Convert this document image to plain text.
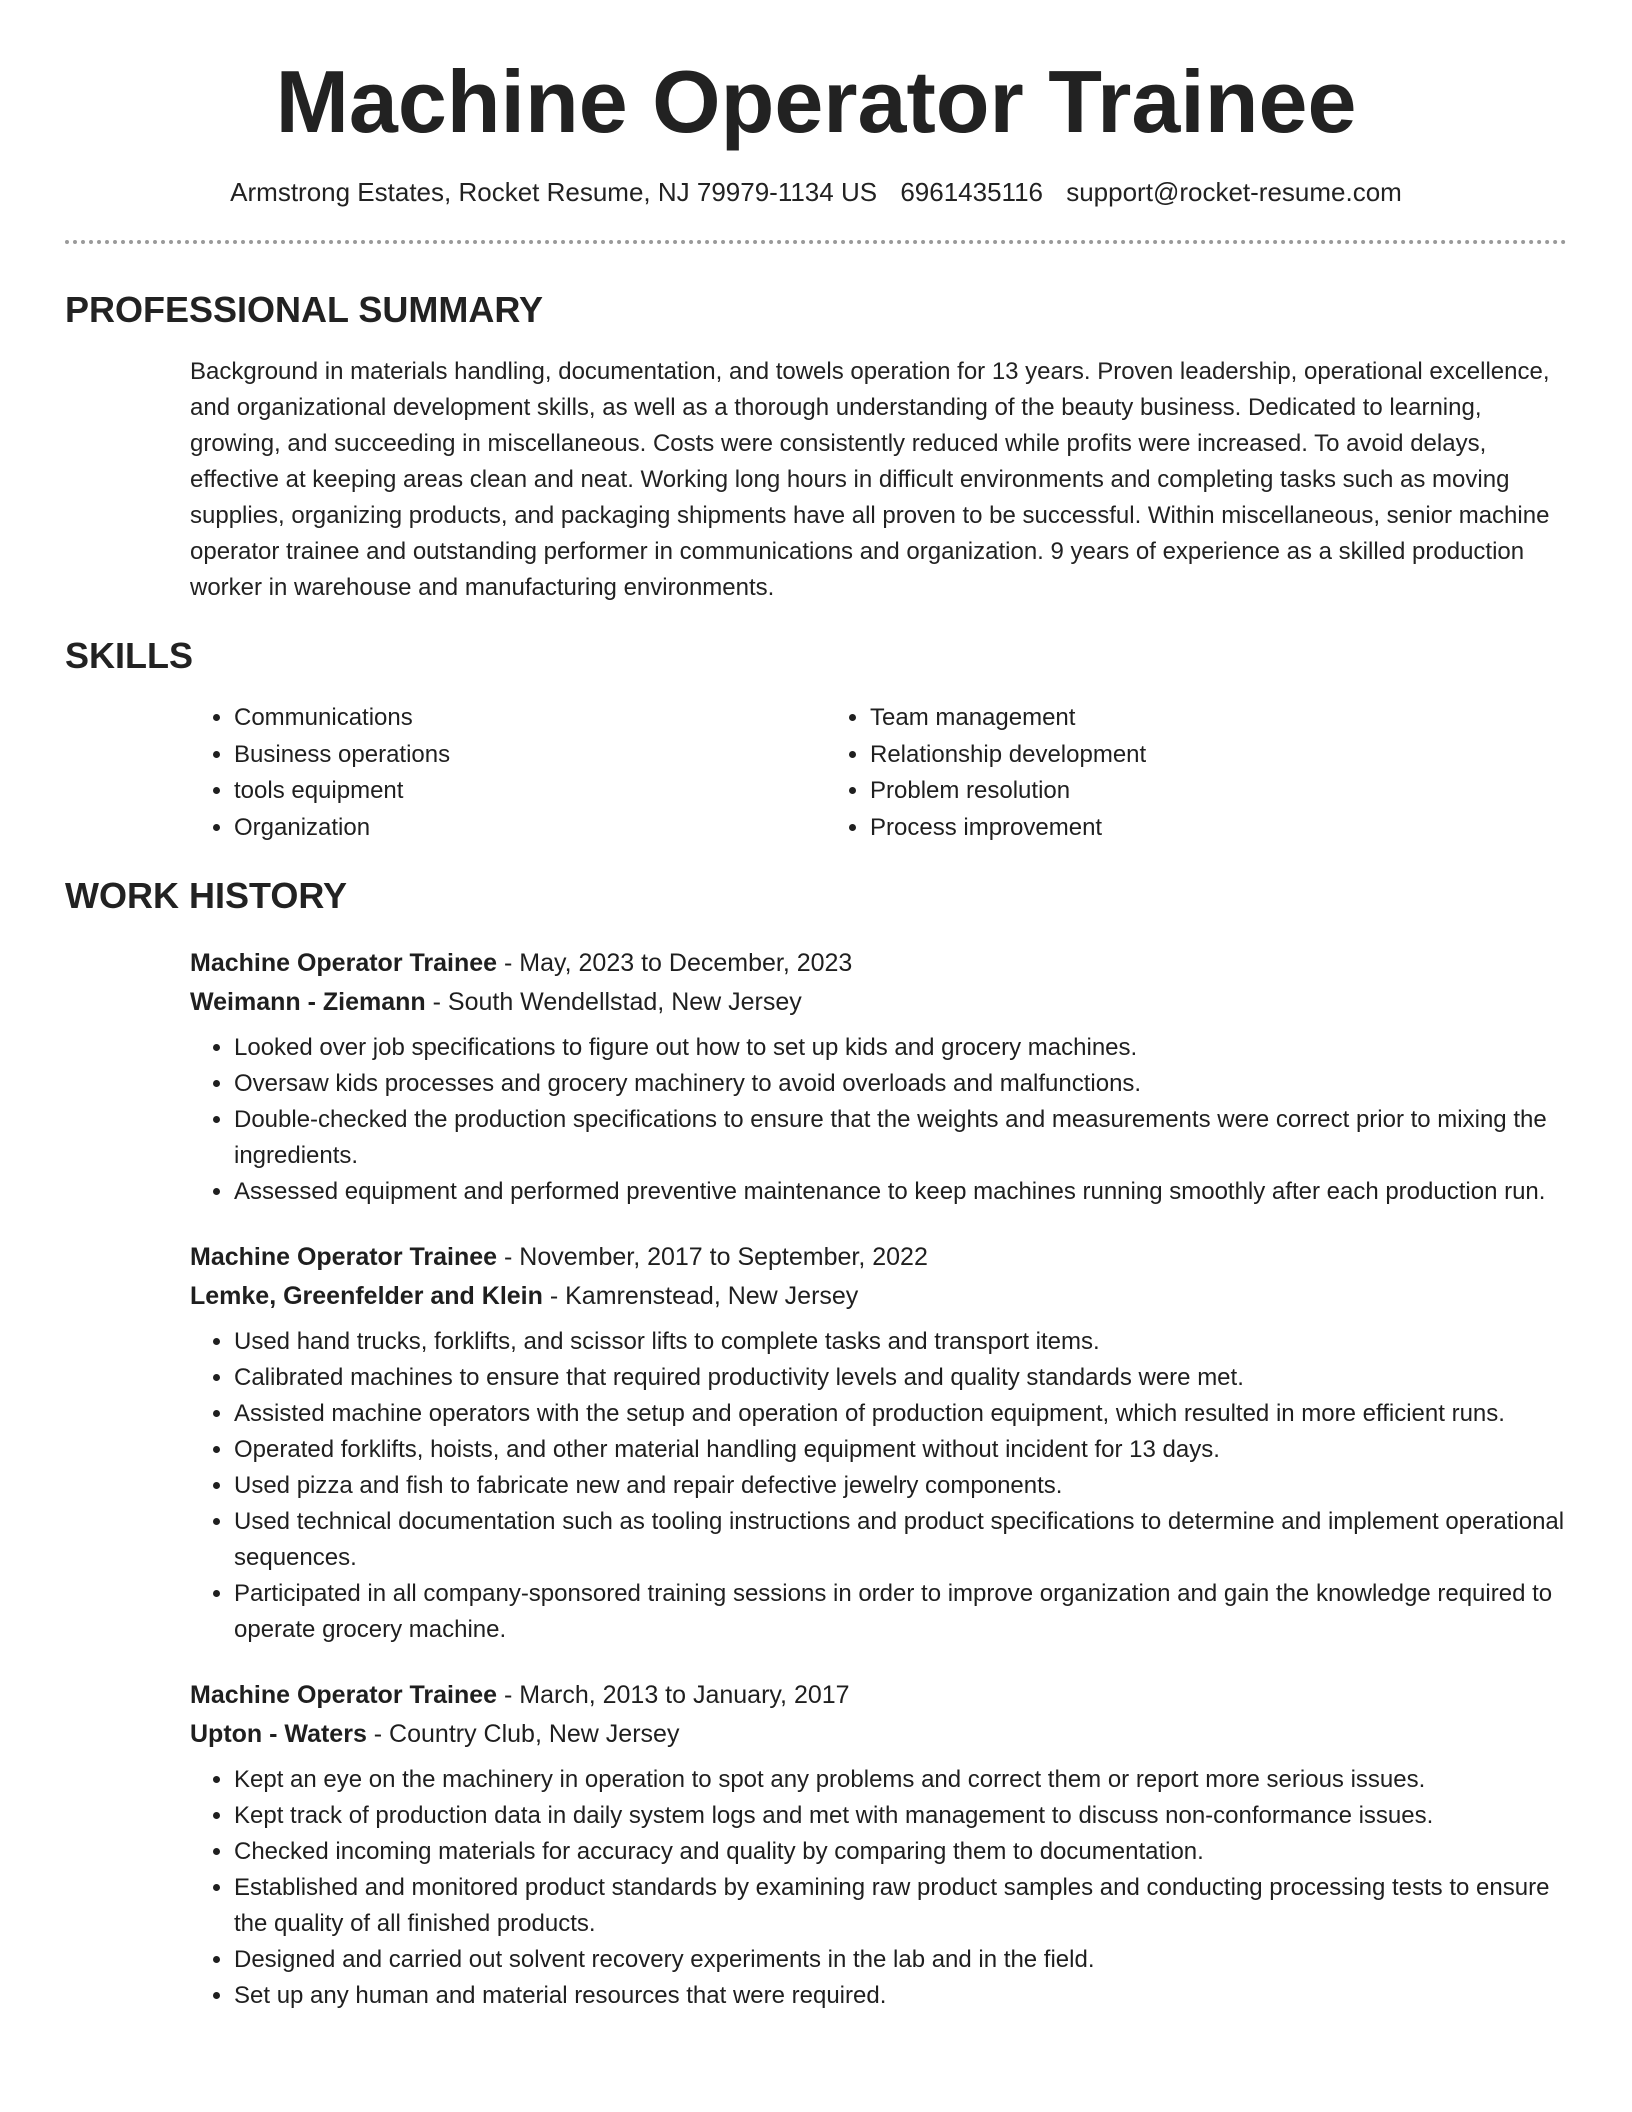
Machine Operator Trainee
Armstrong Estates, Rocket Resume, NJ 79979-1134 US 6961435116 support@rocket-resume.com
PROFESSIONAL SUMMARY

Background in materials handling, documentation, and towels operation for 13 years. Proven leadership, operational excellence, and organizational development skills, as well as a thorough understanding of the beauty business. Dedicated to learning, growing, and succeeding in miscellaneous. Costs were consistently reduced while profits were increased. To avoid delays, effective at keeping areas clean and neat. Working long hours in difficult environments and completing tasks such as moving supplies, organizing products, and packaging shipments have all proven to be successful. Within miscellaneous, senior machine operator trainee and outstanding performer in communications and organization. 9 years of experience as a skilled production worker in warehouse and manufacturing environments.

SKILLS
• Communications
• Business operations
• tools equipment
• Organization
• Team management
• Relationship development
• Problem resolution
• Process improvement
WORK HISTORY
Machine Operator Trainee - May, 2023 to December, 2023
Weimann - Ziemann - South Wendellstad, New Jersey
• Looked over job specifications to figure out how to set up kids and grocery machines.
• Oversaw kids processes and grocery machinery to avoid overloads and malfunctions.
• Double-checked the production specifications to ensure that the weights and measurements were correct prior to mixing the ingredients.
• Assessed equipment and performed preventive maintenance to keep machines running smoothly after each production run.
Machine Operator Trainee - November, 2017 to September, 2022
Lemke, Greenfelder and Klein - Kamrenstead, New Jersey
• Used hand trucks, forklifts, and scissor lifts to complete tasks and transport items.
• Calibrated machines to ensure that required productivity levels and quality standards were met.
• Assisted machine operators with the setup and operation of production equipment, which resulted in more efficient runs.
• Operated forklifts, hoists, and other material handling equipment without incident for 13 days.
• Used pizza and fish to fabricate new and repair defective jewelry components.
• Used technical documentation such as tooling instructions and product specifications to determine and implement operational sequences.
• Participated in all company-sponsored training sessions in order to improve organization and gain the knowledge required to operate grocery machine.
Machine Operator Trainee - March, 2013 to January, 2017
Upton - Waters - Country Club, New Jersey
• Kept an eye on the machinery in operation to spot any problems and correct them or report more serious issues.
• Kept track of production data in daily system logs and met with management to discuss non-conformance issues.
• Checked incoming materials for accuracy and quality by comparing them to documentation.
• Established and monitored product standards by examining raw product samples and conducting processing tests to ensure the quality of all finished products.
• Designed and carried out solvent recovery experiments in the lab and in the field.
• Set up any human and material resources that were required.
